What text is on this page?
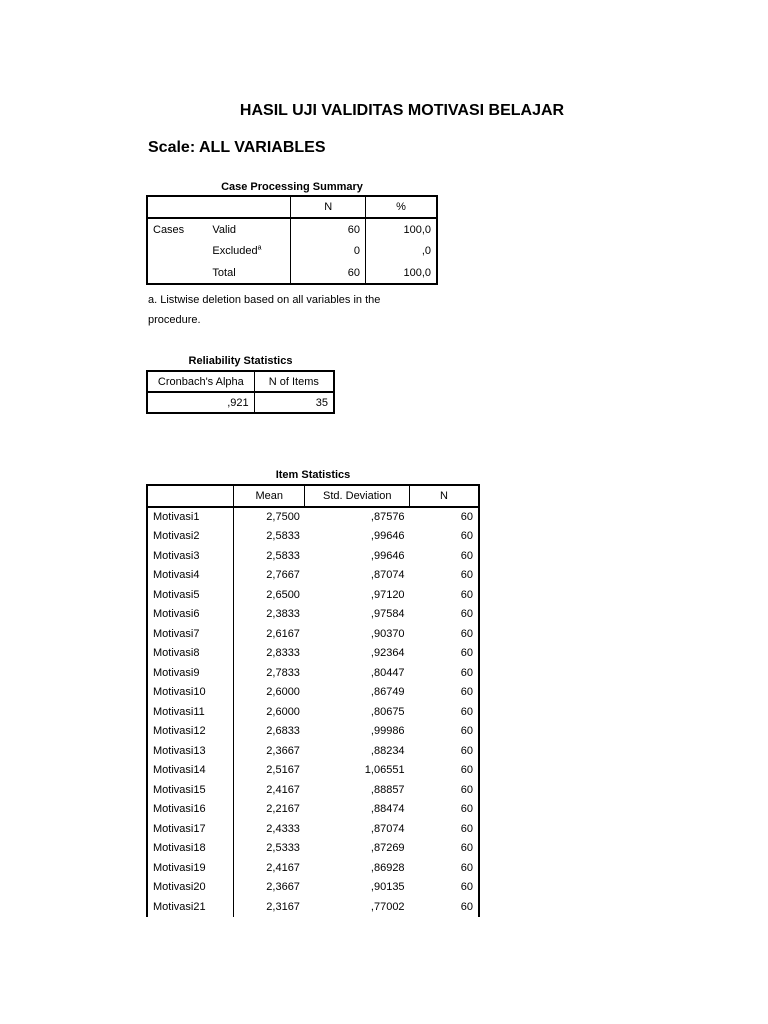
HASIL UJI VALIDITAS MOTIVASI BELAJAR
Scale: ALL VARIABLES
Case Processing Summary
		N	%
Cases	Valid	60	100,0
	Excluded$^a$	0	,0
	Total	60	100,0
a. Listwise deletion based on all variables in the procedure.
Reliability Statistics
Cronbach's Alpha	N of Items
,921	35
Item Statistics
	Mean	Std. Deviation	N
Motivasi1	2,7500	,87576	60
Motivasi2	2,5833	,99646	60
Motivasi3	2,5833	,99646	60
Motivasi4	2,7667	,87074	60
Motivasi5	2,6500	,97120	60
Motivasi6	2,3833	,97584	60
Motivasi7	2,6167	,90370	60
Motivasi8	2,8333	,92364	60
Motivasi9	2,7833	,80447	60
Motivasi10	2,6000	,86749	60
Motivasi11	2,6000	,80675	60
Motivasi12	2,6833	,99986	60
Motivasi13	2,3667	,88234	60
Motivasi14	2,5167	1,06551	60
Motivasi15	2,4167	,88857	60
Motivasi16	2,2167	,88474	60
Motivasi17	2,4333	,87074	60
Motivasi18	2,5333	,87269	60
Motivasi19	2,4167	,86928	60
Motivasi20	2,3667	,90135	60
Motivasi21	2,3167	,77002	60
